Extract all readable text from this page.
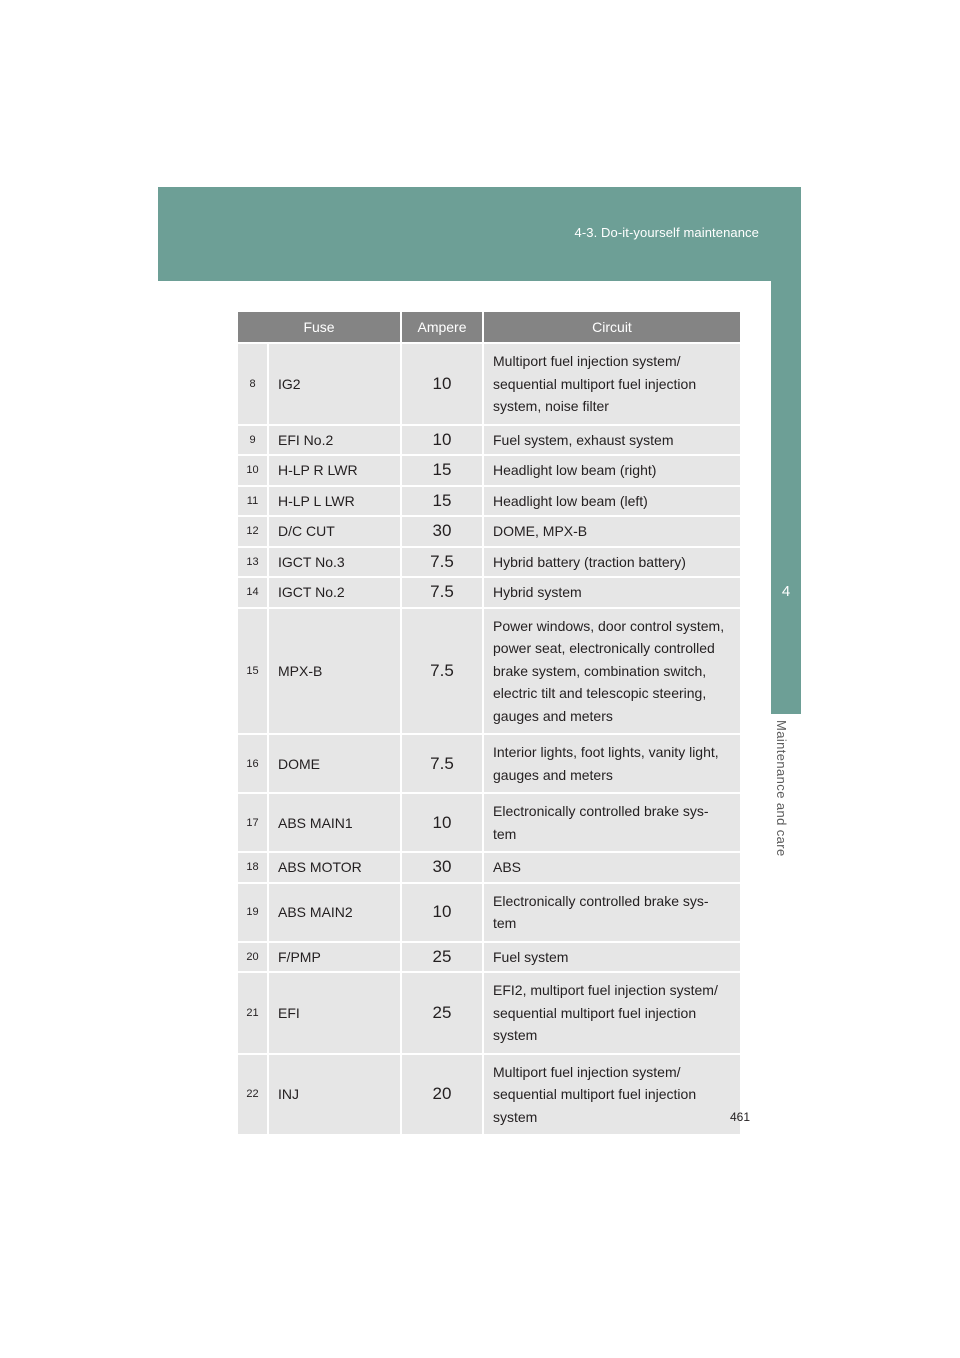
4-3. Do-it-yourself maintenance
4
Maintenance and care
Fuse		Ampere	Circuit
8	IG2	10	Multiport fuel injection system/ sequential multiport fuel injection system, noise filter
9	EFI No.2	10	Fuel system, exhaust system
10	H-LP R LWR	15	Headlight low beam (right)
11	H-LP L LWR	15	Headlight low beam (left)
12	D/C CUT	30	DOME, MPX-B
13	IGCT No.3	7.5	Hybrid battery (traction battery)
14	IGCT No.2	7.5	Hybrid system
15	MPX-B	7.5	Power windows, door control system, power seat, electronically controlled brake system, combination switch, electric tilt and telescopic steering, gauges and meters
16	DOME	7.5	Interior lights, foot lights, vanity light, gauges and meters
17	ABS MAIN1	10	Electronically controlled brake sys- tem
18	ABS MOTOR	30	ABS
19	ABS MAIN2	10	Electronically controlled brake sys- tem
20	F/PMP	25	Fuel system
21	EFI	25	EFI2, multiport fuel injection system/ sequential multiport fuel injection system
22	INJ	20	Multiport fuel injection system/ sequential multiport fuel injection system	461
